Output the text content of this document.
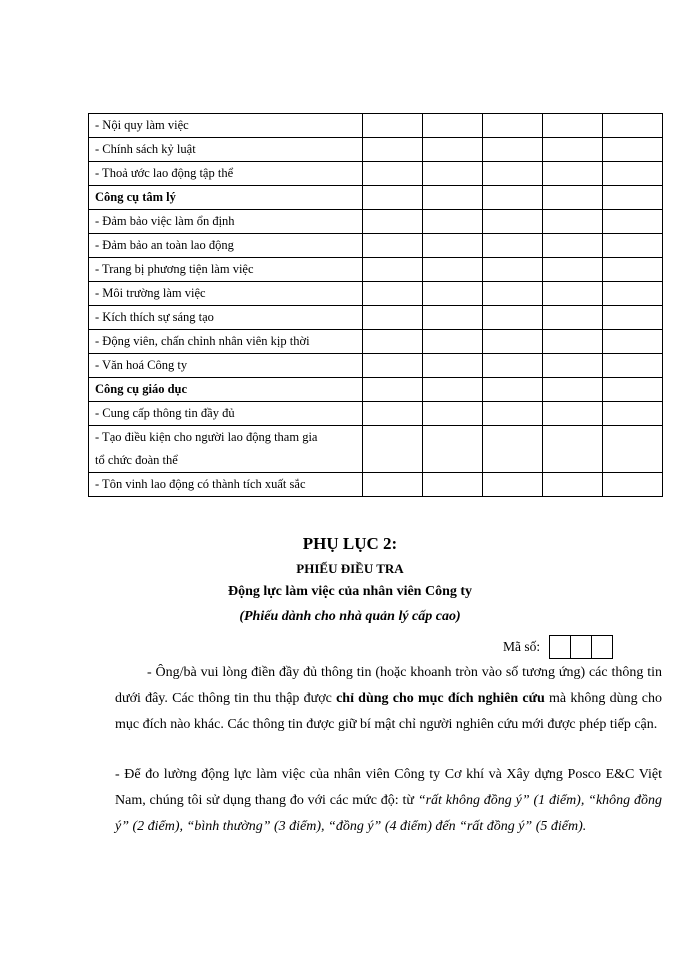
- Nội quy làm việc					
- Chính sách kỷ luật					
- Thoả ước lao động tập thể					
Công cụ tâm lý					
- Đảm bảo việc làm ổn định					
- Đảm bảo an toàn lao động					
- Trang bị phương tiện làm việc					
- Môi trường làm việc					
- Kích thích sự sáng tạo					
- Động viên, chấn chỉnh nhân viên kịp thời					
- Văn hoá Công ty					
Công cụ giáo dục					
- Cung cấp thông tin đầy đủ					

- Tạo điều kiện cho người lao động tham gia
tổ chức đoàn thể					

- Tôn vinh lao động có thành tích xuất sắc					
PHỤ LỤC 2:
PHIẾU ĐIỀU TRA
Động lực làm việc của nhân viên Công ty
(Phiếu dành cho nhà quản lý cấp cao)
Mã số:
- Ông/bà vui lòng điền đầy đủ thông tin (hoặc khoanh tròn vào số tương ứng) các thông tin dưới đây. Các thông tin thu thập được chỉ dùng cho mục đích nghiên cứu mà không dùng cho mục đích nào khác. Các thông tin được giữ bí mật chỉ người nghiên cứu mới được phép tiếp cận.
- Để đo lường động lực làm việc của nhân viên Công ty Cơ khí và Xây dựng Posco E&C Việt Nam, chúng tôi sử dụng thang đo với các mức độ: từ “rất không đồng ý” (1 điểm), “không đồng ý” (2 điểm), “bình thường” (3 điểm), “đồng ý” (4 điểm) đến “rất đồng ý” (5 điểm).
